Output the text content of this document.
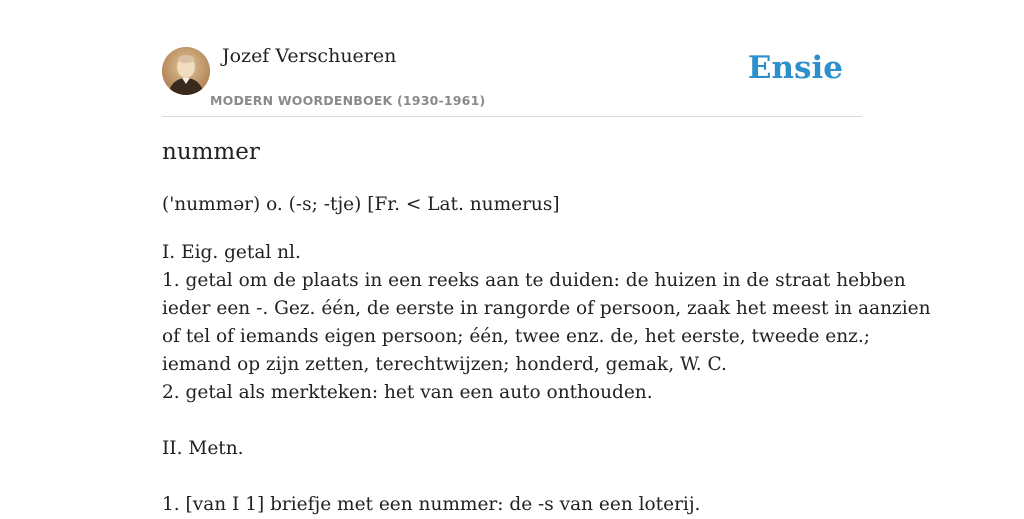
Jozef Verschueren
MODERN WOORDENBOEK (1930-1961)
Ensie
nummer
('nummər) o. (-s; -tje) [Fr. < Lat. numerus]
I. Eig. getal nl.
1. getal om de plaats in een reeks aan te duiden: de huizen in de straat hebben
ieder een -. Gez. één, de eerste in rangorde of persoon, zaak het meest in aanzien
of tel of iemands eigen persoon; één, twee enz. de, het eerste, tweede enz.;
iemand op zijn zetten, terechtwijzen; honderd, gemak, W. C.
2. getal als merkteken: het van een auto onthouden.
II. Metn.
1. [van I 1] briefje met een nummer: de -s van een loterij.
